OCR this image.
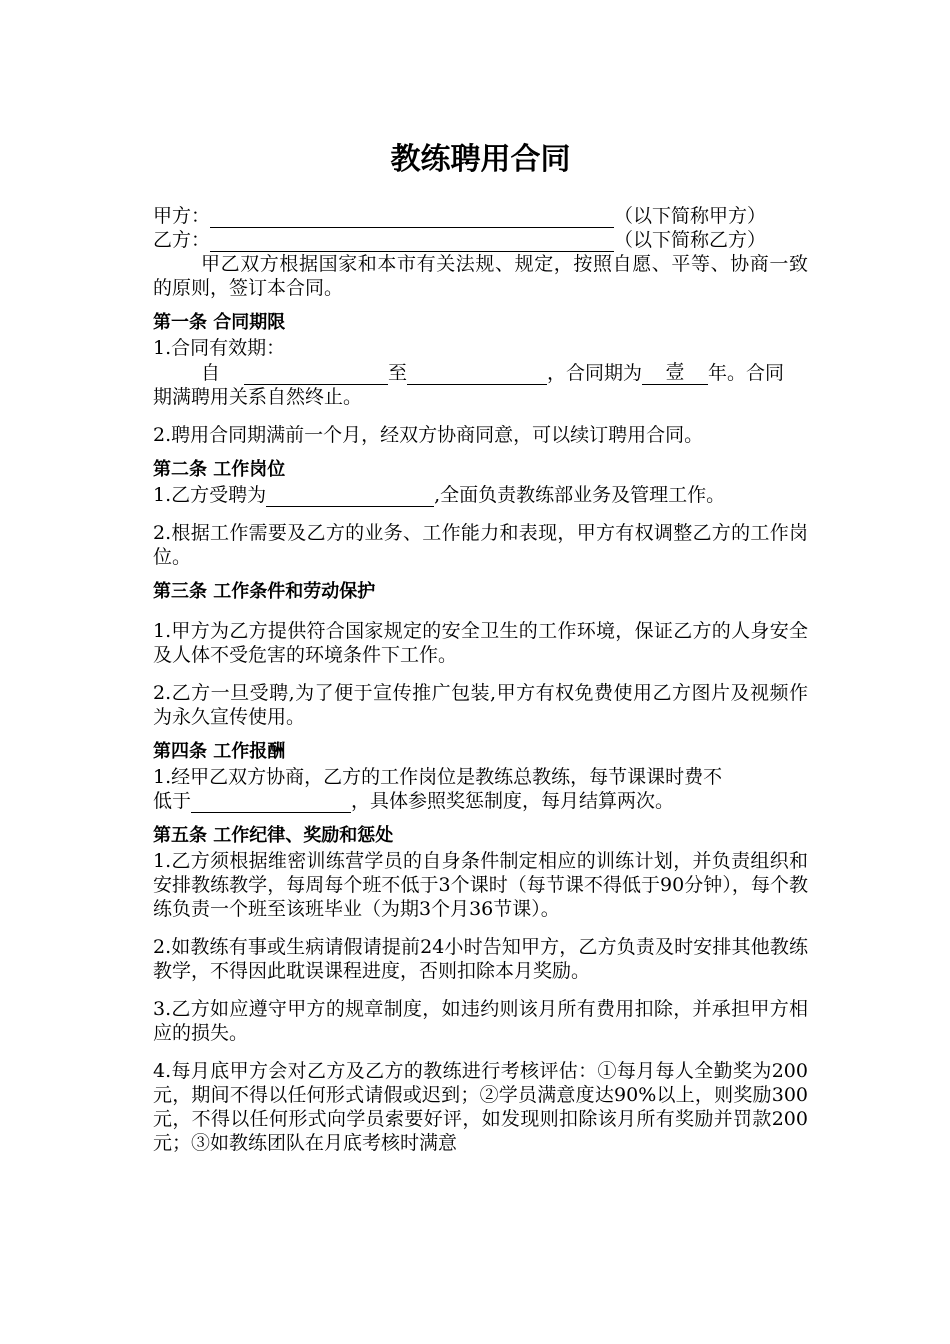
教练聘用合同
甲方：	（以下简称甲方）
乙方：	（以下简称乙方）

甲乙双方根据国家和本市有关法规、规定，按照自愿、平等、协商一致的原则，签订本合同。

第一条 合同期限

1.合同有效期：

自	至	，合同期为	壹	年。合同

期满聘用关系自然终止。

2.聘用合同期满前一个月，经双方协商同意，可以续订聘用合同。

第二条 工作岗位
1.乙方受聘为	,全面负责教练部业务及管理工作。

2.根据工作需要及乙方的业务、工作能力和表现，甲方有权调整乙方的工作岗位。

第三条 工作条件和劳动保护

1.甲方为乙方提供符合国家规定的安全卫生的工作环境，保证乙方的人身安全及人体不受危害的环境条件下工作。

2.乙方一旦受聘,为了便于宣传推广包装,甲方有权免费使用乙方图片及视频作为永久宣传使用。

第四条 工作报酬

1.经甲乙双方协商，乙方的工作岗位是教练总教练，每节课课时费不

低于	，具体参照奖惩制度，每月结算两次。
第五条 工作纪律、奖励和惩处

1.乙方须根据维密训练营学员的自身条件制定相应的训练计划，并负责组织和安排教练教学，每周每个班不低于3个课时（每节课不得低于90分钟），每个教练负责一个班至该班毕业（为期3个月36节课）。

2.如教练有事或生病请假请提前24小时告知甲方，乙方负责及时安排其他教练教学，不得因此耽误课程进度，否则扣除本月奖励。

3.乙方如应遵守甲方的规章制度，如违约则该月所有费用扣除，并承担甲方相应的损失。

4.每月底甲方会对乙方及乙方的教练进行考核评估：①每月每人全勤奖为200元，期间不得以任何形式请假或迟到；②学员满意度达90%以上，则奖励300元，不得以任何形式向学员索要好评，如发现则扣除该月所有奖励并罚款200元；③如教练团队在月底考核时满意
